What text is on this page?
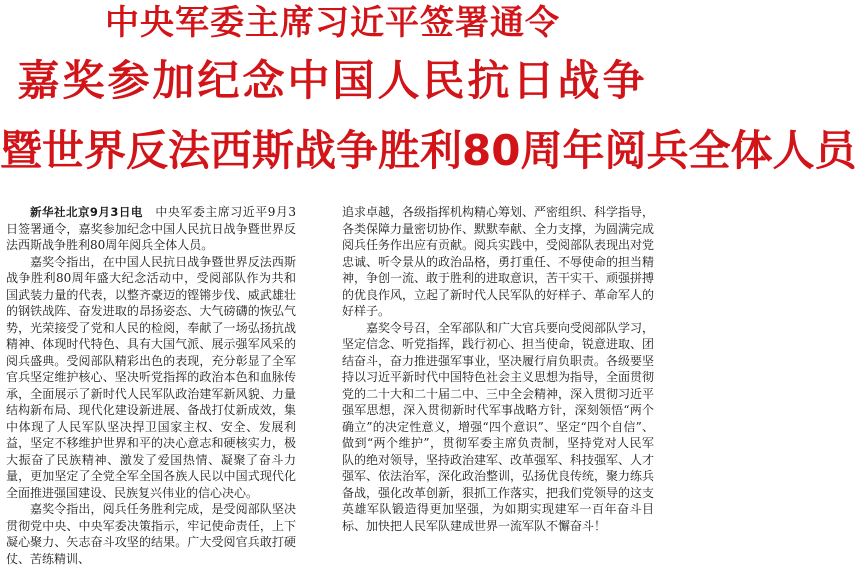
中央军委主席习近平签署通令
嘉奖参加纪念中国人民抗日战争
暨世界反法西斯战争胜利80周年阅兵全体人员

新华社北京9月3日电　中央军委主席习近平9月3日签署通令，嘉奖参加纪念中国人民抗日战争暨世界反法西斯战争胜利80周年阅兵全体人员。

嘉奖令指出，在中国人民抗日战争暨世界反法西斯战争胜利80周年盛大纪念活动中，受阅部队作为共和国武装力量的代表，以整齐豪迈的铿锵步伐、威武雄壮的钢铁战阵、奋发进取的昂扬姿态、大气磅礴的恢弘气势，光荣接受了党和人民的检阅，奉献了一场弘扬抗战精神、体现时代特色、具有大国气派、展示强军风采的阅兵盛典。受阅部队精彩出色的表现，充分彰显了全军官兵坚定维护核心、坚决听党指挥的政治本色和血脉传承，全面展示了新时代人民军队政治建军新风貌、力量结构新布局、现代化建设新进展、备战打仗新成效，集中体现了人民军队坚决捍卫国家主权、安全、发展利益，坚定不移维护世界和平的决心意志和硬核实力，极大振奋了民族精神、激发了爱国热情、凝聚了奋斗力量，更加坚定了全党全军全国各族人民以中国式现代化全面推进强国建设、民族复兴伟业的信心决心。

嘉奖令指出，阅兵任务胜利完成，是受阅部队坚决贯彻党中央、中央军委决策指示，牢记使命责任，上下凝心聚力、矢志奋斗攻坚的结果。广大受阅官兵敢打硬仗、苦练精训、

追求卓越，各级指挥机构精心筹划、严密组织、科学指导，各类保障力量密切协作、默默奉献、全力支撑，为圆满完成阅兵任务作出应有贡献。阅兵实践中，受阅部队表现出对党忠诚、听令景从的政治品格，勇打重任、不辱使命的担当精神，争创一流、敢于胜利的进取意识，苦干实干、顽强拼搏的优良作风，立起了新时代人民军队的好样子、革命军人的好样子。

嘉奖令号召，全军部队和广大官兵要向受阅部队学习，坚定信念、听党指挥，践行初心、担当使命，锐意进取、团结奋斗，奋力推进强军事业，坚决履行肩负职责。各级要坚持以习近平新时代中国特色社会主义思想为指导，全面贯彻党的二十大和二十届二中、三中全会精神，深入贯彻习近平强军思想，深入贯彻新时代军事战略方针，深刻领悟“两个确立”的决定性意义，增强“四个意识”、坚定“四个自信”、做到“两个维护”，贯彻军委主席负责制，坚持党对人民军队的绝对领导，坚持政治建军、改革强军、科技强军、人才强军、依法治军，深化政治整训，弘扬优良传统，聚力练兵备战，强化改革创新，狠抓工作落实，把我们党领导的这支英雄军队锻造得更加坚强，为如期实现建军一百年奋斗目标、加快把人民军队建成世界一流军队不懈奋斗！
